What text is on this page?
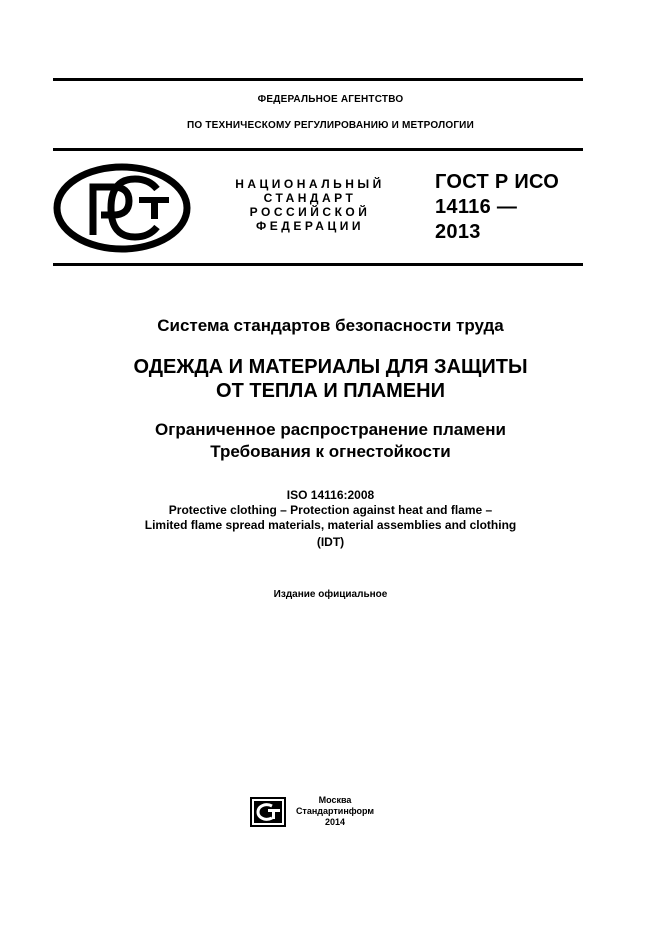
ФЕДЕРАЛЬНОЕ АГЕНТСТВО
ПО ТЕХНИЧЕСКОМУ РЕГУЛИРОВАНИЮ И МЕТРОЛОГИИ
НАЦИОНАЛЬНЫЙ
СТАНДАРТ
РОССИЙСКОЙ
ФЕДЕРАЦИИ
ГОСТ Р ИСО
14116 —
2013
Система стандартов безопасности труда
ОДЕЖДА И МАТЕРИАЛЫ ДЛЯ ЗАЩИТЫ
ОТ ТЕПЛА И ПЛАМЕНИ
Ограниченное распространение пламени
Требования к огнестойкости
ISO 14116:2008
Protective clothing – Protection against heat and flame –
Limited flame spread materials, material assemblies and clothing
(IDT)
Издание официальное
Москва
Стандартинформ
2014
